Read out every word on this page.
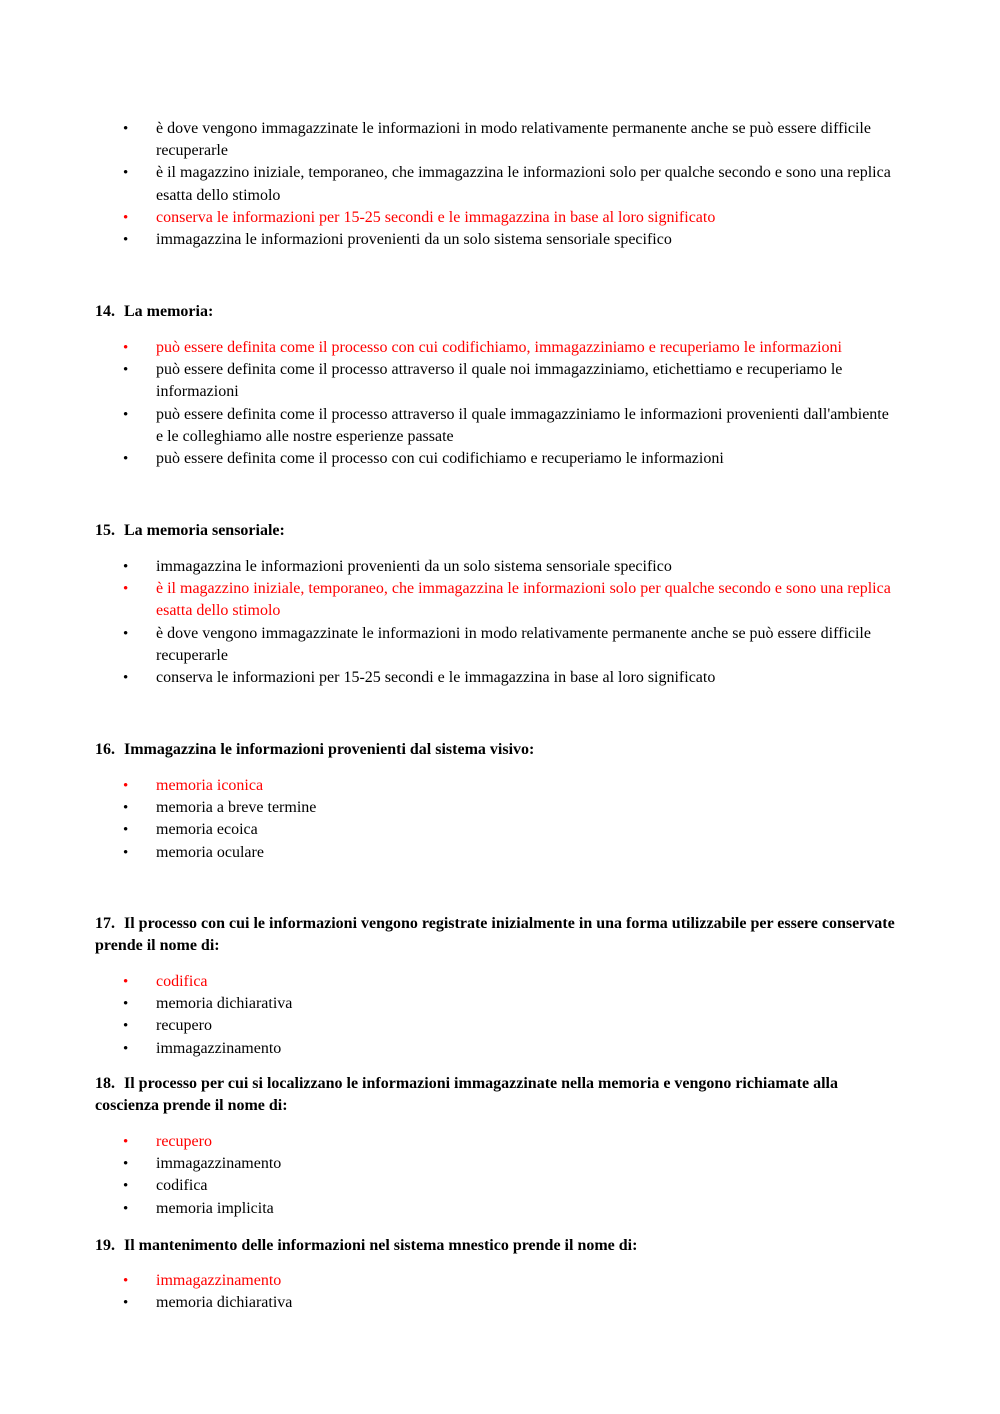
• è dove vengono immagazzinate le informazioni in modo relativamente permanente anche se può essere difficile recuperarle
• è il magazzino iniziale, temporaneo, che immagazzina le informazioni solo per qualche secondo e sono una replica esatta dello stimolo
• conserva le informazioni per 15-25 secondi e le immagazzina in base al loro significato
• immagazzina le informazioni provenienti da un solo sistema sensoriale specifico
14. La memoria:
• può essere definita come il processo con cui codifichiamo, immagazziniamo e recuperiamo le informazioni
• può essere definita come il processo attraverso il quale noi immagazziniamo, etichettiamo e recuperiamo le informazioni
• può essere definita come il processo attraverso il quale immagazziniamo le informazioni provenienti dall'ambiente e le colleghiamo alle nostre esperienze passate
• può essere definita come il processo con cui codifichiamo e recuperiamo le informazioni
15. La memoria sensoriale:
• immagazzina le informazioni provenienti da un solo sistema sensoriale specifico
• è il magazzino iniziale, temporaneo, che immagazzina le informazioni solo per qualche secondo e sono una replica esatta dello stimolo
• è dove vengono immagazzinate le informazioni in modo relativamente permanente anche se può essere difficile recuperarle
• conserva le informazioni per 15-25 secondi e le immagazzina in base al loro significato
16. Immagazzina le informazioni provenienti dal sistema visivo:
• memoria iconica
• memoria a breve termine
• memoria ecoica
• memoria oculare
17. Il processo con cui le informazioni vengono registrate inizialmente in una forma utilizzabile per essere conservate prende il nome di:
• codifica
• memoria dichiarativa
• recupero
• immagazzinamento
18. Il processo per cui si localizzano le informazioni immagazzinate nella memoria e vengono richiamate alla coscienza prende il nome di:
• recupero
• immagazzinamento
• codifica
• memoria implicita
19. Il mantenimento delle informazioni nel sistema mnestico prende il nome di:
• immagazzinamento
• memoria dichiarativa
